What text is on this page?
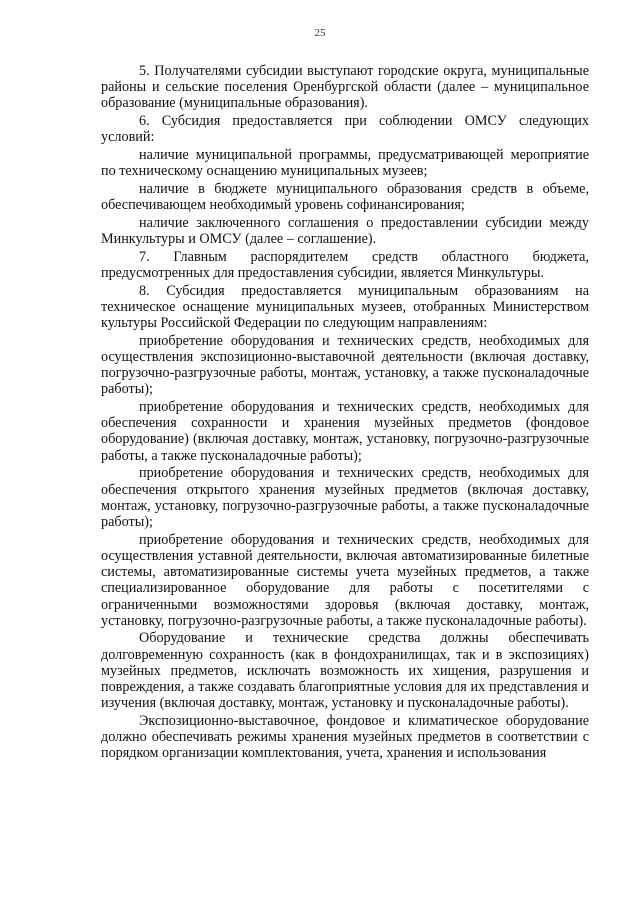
25

5. Получателями субсидии выступают городские округа, муниципальные районы и сельские поселения Оренбургской области (далее – муниципальное образование (муниципальные образования).

6. Субсидия предоставляется при соблюдении ОМСУ следующих условий:

наличие муниципальной программы, предусматривающей мероприятие по техническому оснащению муниципальных музеев;

наличие в бюджете муниципального образования средств в объеме, обеспечивающем необходимый уровень софинансирования;

наличие заключенного соглашения о предоставлении субсидии между Минкультуры и ОМСУ (далее – соглашение).

7. Главным распорядителем средств областного бюджета, предусмотренных для предоставления субсидии, является Минкультуры.

8. Субсидия предоставляется муниципальным образованиям на техническое оснащение муниципальных музеев, отобранных Министерством культуры Российской Федерации по следующим направлениям:

приобретение оборудования и технических средств, необходимых для осуществления экспозиционно-выставочной деятельности (включая доставку, погрузочно-разгрузочные работы, монтаж, установку, а также пусконаладочные работы);

приобретение оборудования и технических средств, необходимых для обеспечения сохранности и хранения музейных предметов (фондовое оборудование) (включая доставку, монтаж, установку, погрузочно-разгрузочные работы, а также пусконаладочные работы);

приобретение оборудования и технических средств, необходимых для обеспечения открытого хранения музейных предметов (включая доставку, монтаж, установку, погрузочно-разгрузочные работы, а также пусконаладочные работы);

приобретение оборудования и технических средств, необходимых для осуществления уставной деятельности, включая автоматизированные билетные системы, автоматизированные системы учета музейных предметов, а также специализированное оборудование для работы с посетителями с ограниченными возможностями здоровья (включая доставку, монтаж, установку, погрузочно-разгрузочные работы, а также пусконаладочные работы).

Оборудование и технические средства должны обеспечивать долговременную сохранность (как в фондохранилищах, так и в экспозициях) музейных предметов, исключать возможность их хищения, разрушения и повреждения, а также создавать благоприятные условия для их представления и изучения (включая доставку, монтаж, установку и пусконаладочные работы).

Экспозиционно-выставочное, фондовое и климатическое оборудование должно обеспечивать режимы хранения музейных предметов в соответствии с порядком организации комплектования, учета, хранения и использования
